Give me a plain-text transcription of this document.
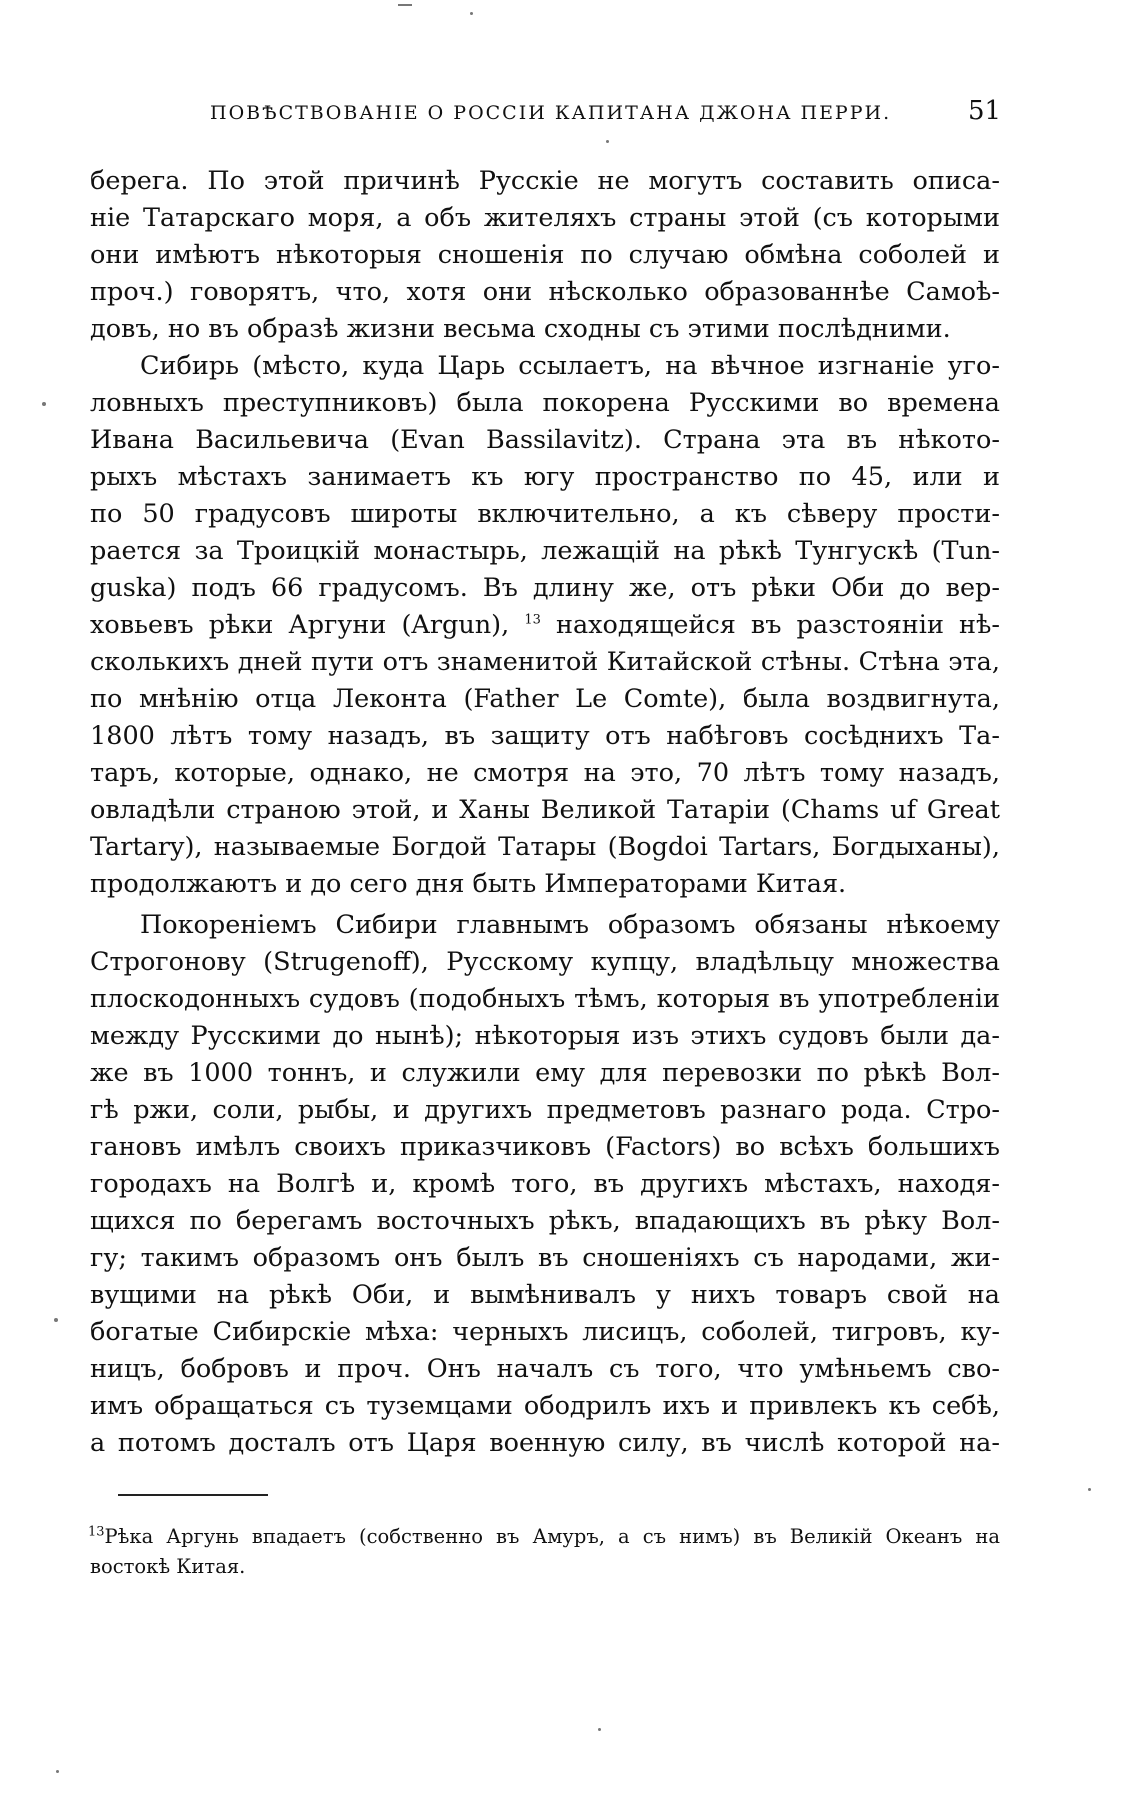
ПОВѢСТВОВАНІЕ О РОССІИ КАПИТАНА ДЖОНА ПЕРРИ.	51
берега. По этой причинѣ Русскіе не могутъ составить описа-
ніе Татарскаго моря, а объ жителяхъ страны этой (съ которыми
они имѣютъ нѣкоторыя сношенія по случаю обмѣна соболей и
проч.) говорятъ, что, хотя они нѣсколько образованнѣе Самоѣ-
довъ, но въ образѣ жизни весьма сходны съ этими послѣдними.
Сибирь (мѣсто, куда Царь ссылаетъ, на вѣчное изгнаніе уго-
ловныхъ преступниковъ) была покорена Русскими во времена
Ивана Васильевича (Evan Bassilavitz). Страна эта въ нѣкото-
рыхъ мѣстахъ занимаетъ къ югу пространство по 45, или и
по 50 градусовъ широты включительно, а къ сѣверу прости-
рается за Троицкій монастырь, лежащій на рѣкѣ Тунгускѣ (Tun-
guska) подъ 66 градусомъ. Въ длину же, отъ рѣки Оби до вер-
ховьевъ рѣки Аргуни (Argun), $^{13}$ находящейся въ разстояніи нѣ-
сколькихъ дней пути отъ знаменитой Китайской стѣны. Стѣна эта,
по мнѣнію отца Леконта (Father Le Comte), была воздвигнута,
1800 лѣтъ тому назадъ, въ защиту отъ набѣговъ сосѣднихъ Та-
таръ, которые, однако, не смотря на это, 70 лѣтъ тому назадъ,
овладѣли страною этой, и Ханы Великой Татаріи (Chams uf Great
Tartary), называемые Богдой Татары (Bogdoi Tartars, Богдыханы),
продолжаютъ и до сего дня быть Императорами Китая.
Покореніемъ Сибири главнымъ образомъ обязаны нѣкоему
Строгонову (Strugenoff), Русскому купцу, владѣльцу множества
плоскодонныхъ судовъ (подобныхъ тѣмъ, которыя въ употребленіи
между Русскими до нынѣ); нѣкоторыя изъ этихъ судовъ были да-
же въ 1000 тоннъ, и служили ему для перевозки по рѣкѣ Вол-
гѣ ржи, соли, рыбы, и другихъ предметовъ разнаго рода. Стро-
гановъ имѣлъ своихъ приказчиковъ (Factors) во всѣхъ большихъ
городахъ на Волгѣ и, кромѣ того, въ другихъ мѣстахъ, находя-
щихся по берегамъ восточныхъ рѣкъ, впадающихъ въ рѣку Вол-
гу; такимъ образомъ онъ былъ въ сношеніяхъ съ народами, жи-
вущими на рѣкѣ Оби, и вымѣнивалъ у нихъ товаръ свой на
богатые Сибирскіе мѣха: черныхъ лисицъ, соболей, тигровъ, ку-
ницъ, бобровъ и проч. Онъ началъ съ того, что умѣньемъ сво-
имъ обращаться съ туземцами ободрилъ ихъ и привлекъ къ себѣ,
а потомъ досталъ отъ Царя военную силу, въ числѣ которой на-
$^{13}$Рѣка Аргунь впадаетъ (собственно въ Амуръ, а съ нимъ) въ Великій Океанъ на
востокѣ Китая.
